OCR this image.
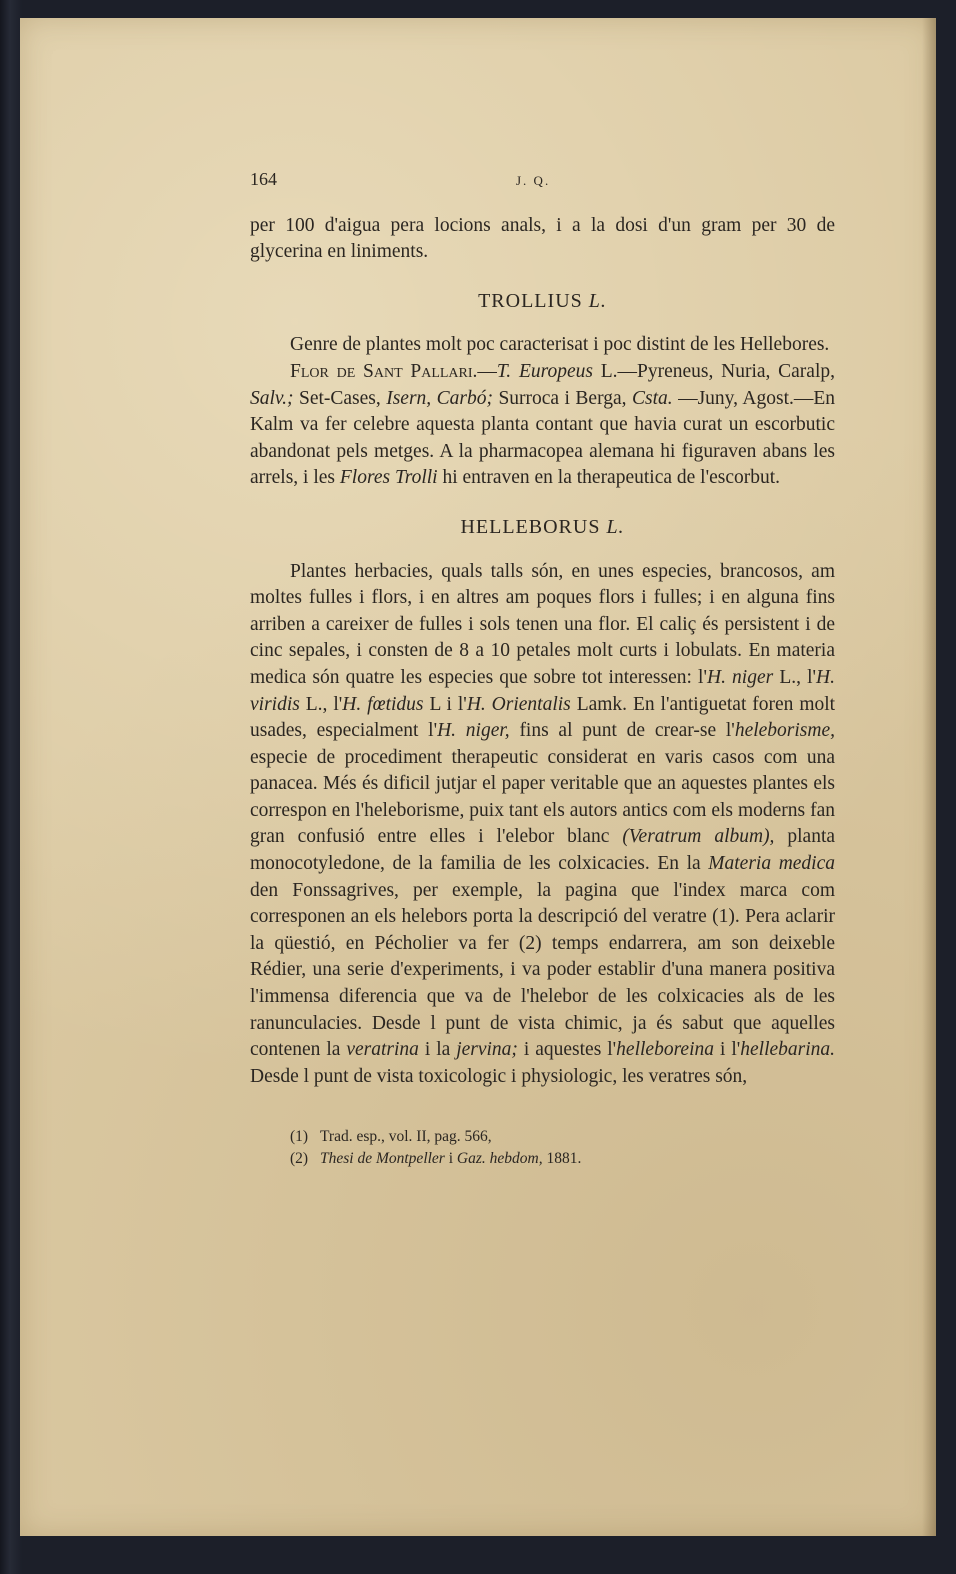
164	J. Q.

per 100 d'aigua pera locions anals, i a la dosi d'un gram per 30 de glycerina en liniments.

TROLLIUS L.

Genre de plantes molt poc caracterisat i poc distint de les Hellebores.

Flor de Sant Pallari.—T. Europeus L.—Pyreneus, Nuria, Caralp, Salv.; Set-Cases, Isern, Carbó; Surroca i Berga, Csta. —Juny, Agost.—En Kalm va fer celebre aquesta planta contant que havia curat un escorbutic abandonat pels metges. A la pharmacopea alemana hi figuraven abans les arrels, i les Flores Trolli hi entraven en la therapeutica de l'escorbut.

HELLEBORUS L.

Plantes herbacies, quals talls són, en unes especies, brancosos, am moltes fulles i flors, i en altres am poques flors i fulles; i en alguna fins arriben a careixer de fulles i sols tenen una flor. El caliç és persistent i de cinc sepales, i consten de 8 a 10 petales molt curts i lobulats. En materia medica són quatre les especies que sobre tot interessen: l'H. niger L., l'H. viridis L., l'H. fœtidus L i l'H. Orientalis Lamk. En l'antiguetat foren molt usades, especialment l'H. niger, fins al punt de crear-se l'heleborisme, especie de procediment therapeutic considerat en varis casos com una panacea. Més és dificil jutjar el paper veritable que an aquestes plantes els correspon en l'heleborisme, puix tant els autors antics com els moderns fan gran confusió entre elles i l'elebor blanc (Veratrum album), planta monocotyledone, de la familia de les colxicacies. En la Materia medica den Fonssagrives, per exemple, la pagina que l'index marca com corresponen an els helebors porta la descripció del veratre (1). Pera aclarir la qüestió, en Pécholier va fer (2) temps endarrera, am son deixeble Rédier, una serie d'experiments, i va poder establir d'una manera positiva l'immensa diferencia que va de l'helebor de les colxicacies als de les ranunculacies. Desde l punt de vista chimic, ja és sabut que aquelles contenen la veratrina i la jervina; i aquestes l'helleboreina i l'hellebarina. Desde l punt de vista toxicologic i physiologic, les veratres són,

(1) Trad. esp., vol. II, pag. 566,
(2) Thesi de Montpeller i Gaz. hebdom, 1881.
